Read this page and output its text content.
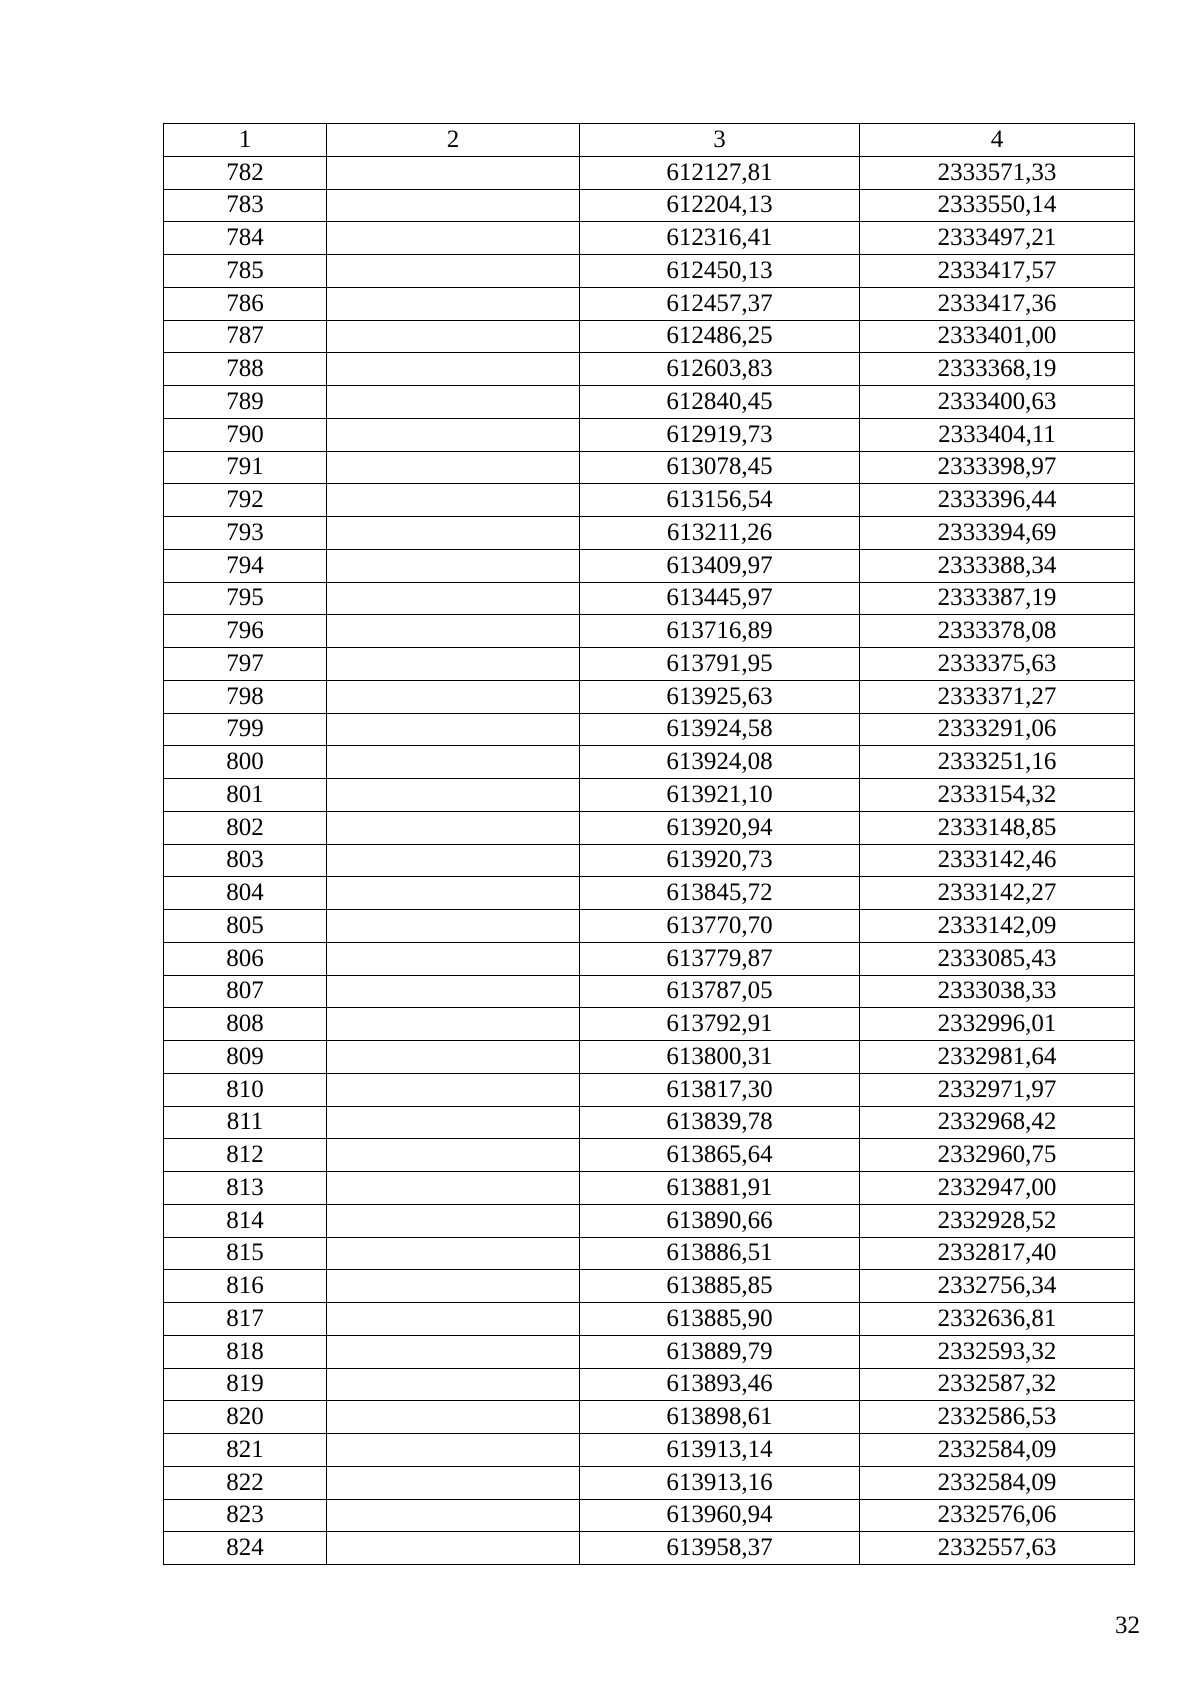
1	2	3	4
782		612127,81	2333571,33
783		612204,13	2333550,14
784		612316,41	2333497,21
785		612450,13	2333417,57
786		612457,37	2333417,36
787		612486,25	2333401,00
788		612603,83	2333368,19
789		612840,45	2333400,63
790		612919,73	2333404,11
791		613078,45	2333398,97
792		613156,54	2333396,44
793		613211,26	2333394,69
794		613409,97	2333388,34
795		613445,97	2333387,19
796		613716,89	2333378,08
797		613791,95	2333375,63
798		613925,63	2333371,27
799		613924,58	2333291,06
800		613924,08	2333251,16
801		613921,10	2333154,32
802		613920,94	2333148,85
803		613920,73	2333142,46
804		613845,72	2333142,27
805		613770,70	2333142,09
806		613779,87	2333085,43
807		613787,05	2333038,33
808		613792,91	2332996,01
809		613800,31	2332981,64
810		613817,30	2332971,97
811		613839,78	2332968,42
812		613865,64	2332960,75
813		613881,91	2332947,00
814		613890,66	2332928,52
815		613886,51	2332817,40
816		613885,85	2332756,34
817		613885,90	2332636,81
818		613889,79	2332593,32
819		613893,46	2332587,32
820		613898,61	2332586,53
821		613913,14	2332584,09
822		613913,16	2332584,09
823		613960,94	2332576,06
824		613958,37	2332557,63
32
